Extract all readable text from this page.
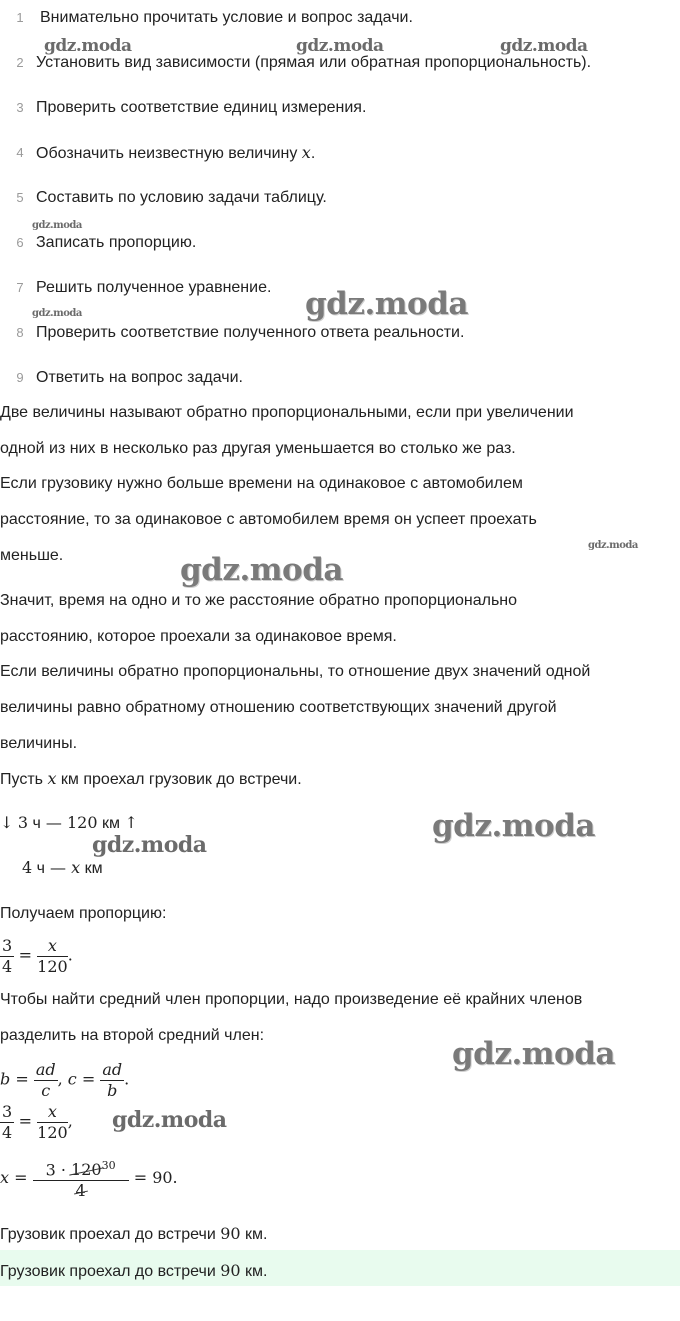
gdz.moda	gdz.moda	gdz.moda
gdz.moda
gdz.moda
gdz.moda
gdz.moda
gdz.moda
gdz.moda
gdz.moda
gdz.moda
gdz.moda
1 Внимательно прочитать условие и вопрос задачи.
2 Установить вид зависимости (прямая или обратная пропорциональность).
3 Проверить соответствие единиц измерения.
4 Обозначить неизвестную величину x.
5 Составить по условию задачи таблицу.
6 Записать пропорцию.
7 Решить полученное уравнение.
8 Проверить соответствие полученного ответа реальности.
9 Ответить на вопрос задачи.
Две величины называют обратно пропорциональными, если при увеличении
одной из них в несколько раз другая уменьшается во столько же раз.
Если грузовику нужно больше времени на одинаковое с автомобилем
расстояние, то за одинаковое с автомобилем время он успеет проехать
меньше.
Значит, время на одно и то же расстояние обратно пропорционально
расстоянию, которое проехали за одинаковое время.
Если величины обратно пропорциональны, то отношение двух значений одной
величины равно обратному отношению соответствующих значений другой
величины.
Пусть x км проехал грузовик до встречи.
↓ 3 ч — 120 км ↑
4 ч — x км
Получаем пропорцию:
$\frac{3}{4} = \frac{x}{120}$ .
Чтобы найти средний член пропорции, надо произведение её крайних членов
разделить на второй средний член:
$b = \frac{ad}{c}$ , $c = \frac{ad}{b}$ .
$\frac{3}{4} = \frac{x}{120}$ ,
$x = \frac{3 \cdot 120^{30}}{4} = 90$.
Грузовик проехал до встречи 90 км.
Грузовик проехал до встречи 90 км.
